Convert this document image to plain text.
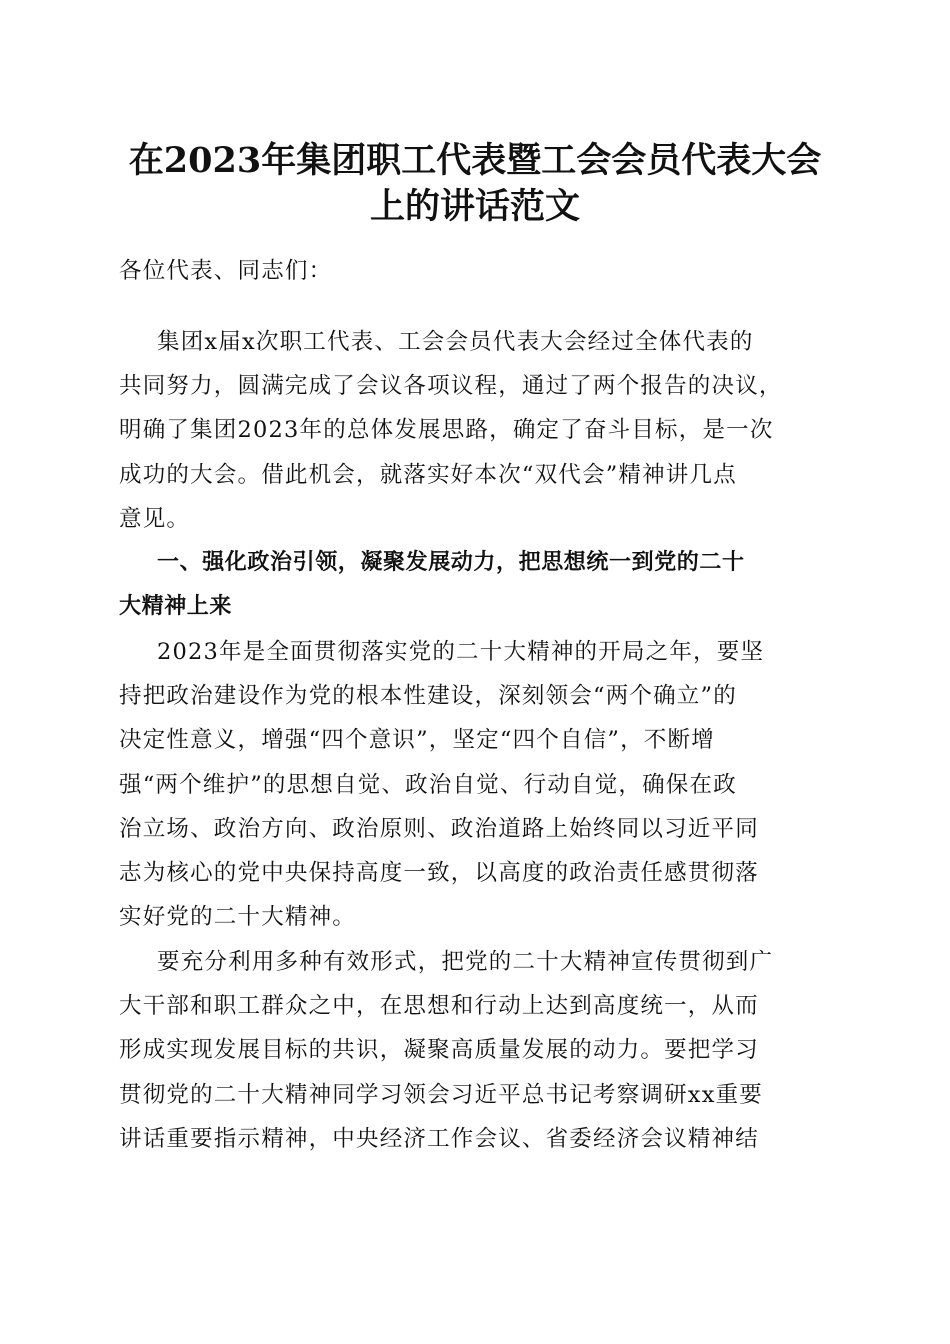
在2023年集团职工代表暨工会会员代表大会
上的讲话范文
各位代表、同志们：
集团x届x次职工代表、工会会员代表大会经过全体代表的
共同努力，圆满完成了会议各项议程，通过了两个报告的决议，
明确了集团2023年的总体发展思路，确定了奋斗目标，是一次
成功的大会。借此机会，就落实好本次“双代会”精神讲几点
意见。
一、强化政治引领，凝聚发展动力，把思想统一到党的二十
大精神上来
2023年是全面贯彻落实党的二十大精神的开局之年，要坚
持把政治建设作为党的根本性建设，深刻领会“两个确立”的
决定性意义，增强“四个意识”，坚定“四个自信”，不断增
强“两个维护”的思想自觉、政治自觉、行动自觉，确保在政
治立场、政治方向、政治原则、政治道路上始终同以习近平同
志为核心的党中央保持高度一致，以高度的政治责任感贯彻落
实好党的二十大精神。
要充分利用多种有效形式，把党的二十大精神宣传贯彻到广
大干部和职工群众之中，在思想和行动上达到高度统一，从而
形成实现发展目标的共识，凝聚高质量发展的动力。要把学习
贯彻党的二十大精神同学习领会习近平总书记考察调研xx重要
讲话重要指示精神，中央经济工作会议、省委经济会议精神结
